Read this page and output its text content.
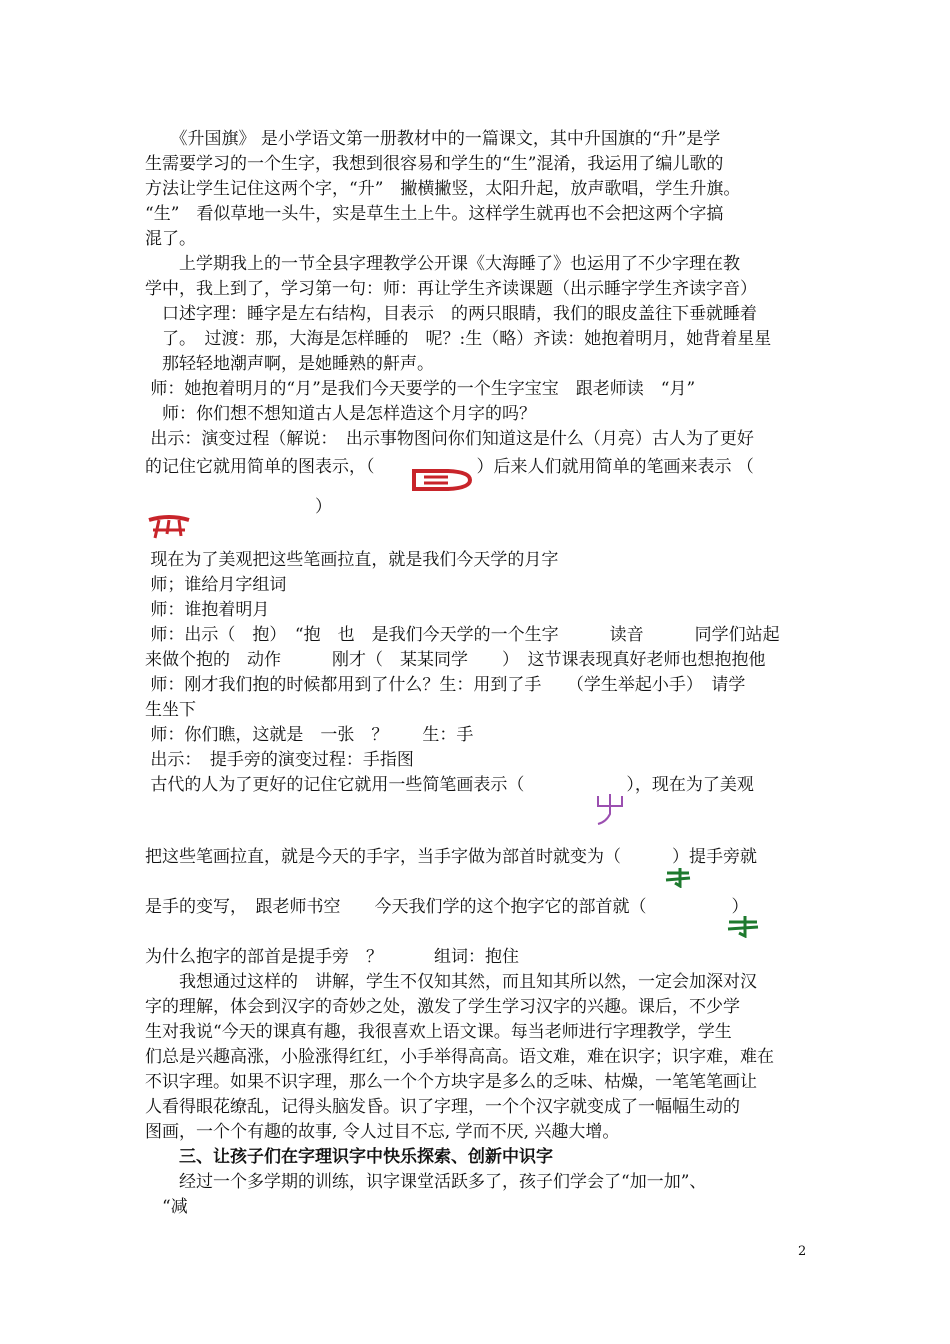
　　《升国旗》 是小学语文第一册教材中的一篇课文，其中升国旗的“升”是学
生需要学习的一个生字，我想到很容易和学生的“生”混淆，我运用了编儿歌的
方法让学生记住这两个字，“升”　撇横撇竖，太阳升起，放声歌唱，学生升旗。
“生”　看似草地一头牛，实是草生土上牛。这样学生就再也不会把这两个字搞
混了。
　　上学期我上的一节全县字理教学公开课《大海睡了》也运用了不少字理在教
学中，我上到了，学习第一句：师：再让学生齐读课题（出示睡字学生齐读字音）
　口述字理：睡字是左右结构，目表示　的两只眼睛，我们的眼皮盖往下垂就睡着
　了。　过渡：那，大海是怎样睡的　呢？:生（略）齐读：她抱着明月，她背着星星
　那轻轻地潮声啊，是她睡熟的鼾声。
师：她抱着明月的“月”是我们今天要学的一个生字宝宝　跟老师读　“月”
　师：你们想不想知道古人是怎样造这个月字的吗？
出示：演变过程（解说：　出示事物图问你们知道这是什么（月亮）古人为了更好
的记住它就用简单的图表示，（　　　　　　）后来人们就用简单的笔画来表示 （
　　　　　　　　　　）
现在为了美观把这些笔画拉直，就是我们今天学的月字
师；谁给月字组词
师：谁抱着明月
师：出示（　抱）　“抱　也　是我们今天学的一个生字　　　读音　　　同学们站起
来做个抱的　动作　　　刚才（　某某同学　　）　这节课表现真好老师也想抱抱他
师：刚才我们抱的时候都用到了什么？生：用到了手　　（学生举起小手）　请学
生坐下
师：你们瞧，这就是　一张　？　　生：手
出示：　提手旁的演变过程：手指图
古代的人为了更好的记住它就用一些简笔画表示（　　　　　　），现在为了美观
把这些笔画拉直，就是今天的手字，当手字做为部首时就变为（　　　）提手旁就
是手的变写，　跟老师书空　　今天我们学的这个抱字它的部首就（　　　　　）
为什么抱字的部首是提手旁　？　　　组词：抱住
　　我想通过这样的　讲解，学生不仅知其然，而且知其所以然，一定会加深对汉
字的理解，体会到汉字的奇妙之处，激发了学生学习汉字的兴趣。课后，不少学
生对我说“今天的课真有趣，我很喜欢上语文课。每当老师进行字理教学，学生
们总是兴趣高涨，小脸涨得红红，小手举得高高。语文难，难在识字；识字难，难在
不识字理。如果不识字理，那么一个个方块字是多么的乏味、枯燥，一笔笔笔画让
人看得眼花缭乱，记得头脑发昏。识了字理，一个个汉字就变成了一幅幅生动的
图画，一个个有趣的故事, 令人过目不忘, 学而不厌, 兴趣大增。
　　三、让孩子们在字理识字中快乐探索、创新中识字
　　经过一个多学期的训练，识字课堂活跃多了，孩子们学会了“加一加”、
　“减
2
